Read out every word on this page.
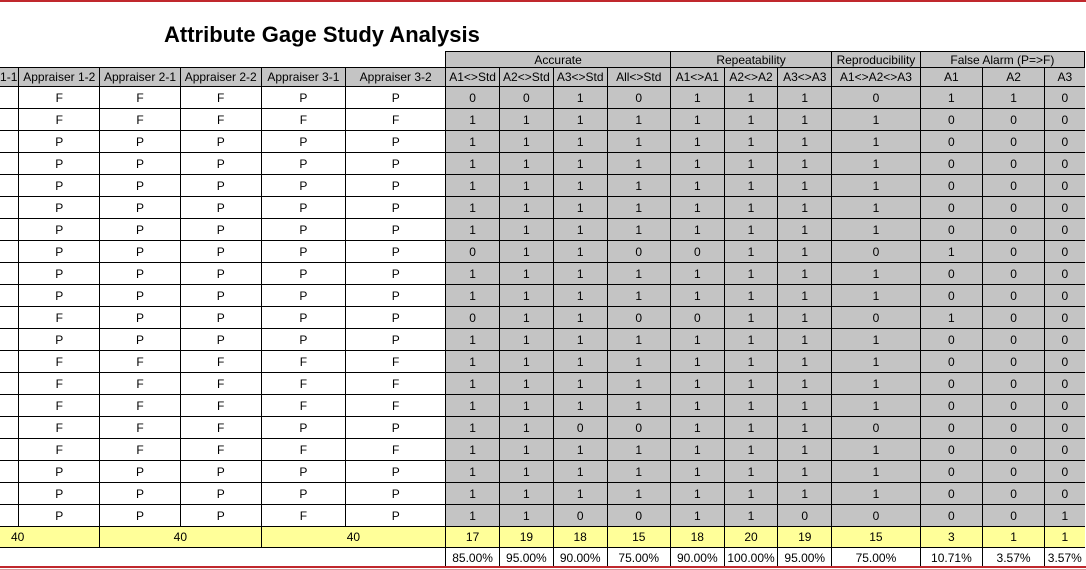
Attribute Gage Study Analysis
						Accurate				Repeatability			Reproducibility	False Alarm (P=>F)		
1-1	Appraiser 1-2	Appraiser 2-1	Appraiser 2-2	Appraiser 3-1	Appraiser 3-2	A1<>Std	A2<>Std	A3<>Std	All<>Std	A1<>A1	A2<>A2	A3<>A3	A1<>A2<>A3	A1	A2	A3
	F	F	F	P	P	0	0	1	0	1	1	1	0	1	1	0
	F	F	F	F	F	1	1	1	1	1	1	1	1	0	0	0
	P	P	P	P	P	1	1	1	1	1	1	1	1	0	0	0
	P	P	P	P	P	1	1	1	1	1	1	1	1	0	0	0
	P	P	P	P	P	1	1	1	1	1	1	1	1	0	0	0
	P	P	P	P	P	1	1	1	1	1	1	1	1	0	0	0
	P	P	P	P	P	1	1	1	1	1	1	1	1	0	0	0
	P	P	P	P	P	0	1	1	0	0	1	1	0	1	0	0
	P	P	P	P	P	1	1	1	1	1	1	1	1	0	0	0
	P	P	P	P	P	1	1	1	1	1	1	1	1	0	0	0
	F	P	P	P	P	0	1	1	0	0	1	1	0	1	0	0
	P	P	P	P	P	1	1	1	1	1	1	1	1	0	0	0
	F	F	F	F	F	1	1	1	1	1	1	1	1	0	0	0
	F	F	F	F	F	1	1	1	1	1	1	1	1	0	0	0
	F	F	F	F	F	1	1	1	1	1	1	1	1	0	0	0
	F	F	F	P	P	1	1	0	0	1	1	1	0	0	0	0
	F	F	F	F	F	1	1	1	1	1	1	1	1	0	0	0
	P	P	P	P	P	1	1	1	1	1	1	1	1	0	0	0
	P	P	P	P	P	1	1	1	1	1	1	1	1	0	0	0
	P	P	P	F	P	1	1	0	0	1	1	0	0	0	0	1
40		40		40		17	19	18	15	18	20	19	15	3	1	1
						85.00%	95.00%	90.00%	75.00%	90.00%	100.00%	95.00%	75.00%	10.71%	3.57%	3.57%
